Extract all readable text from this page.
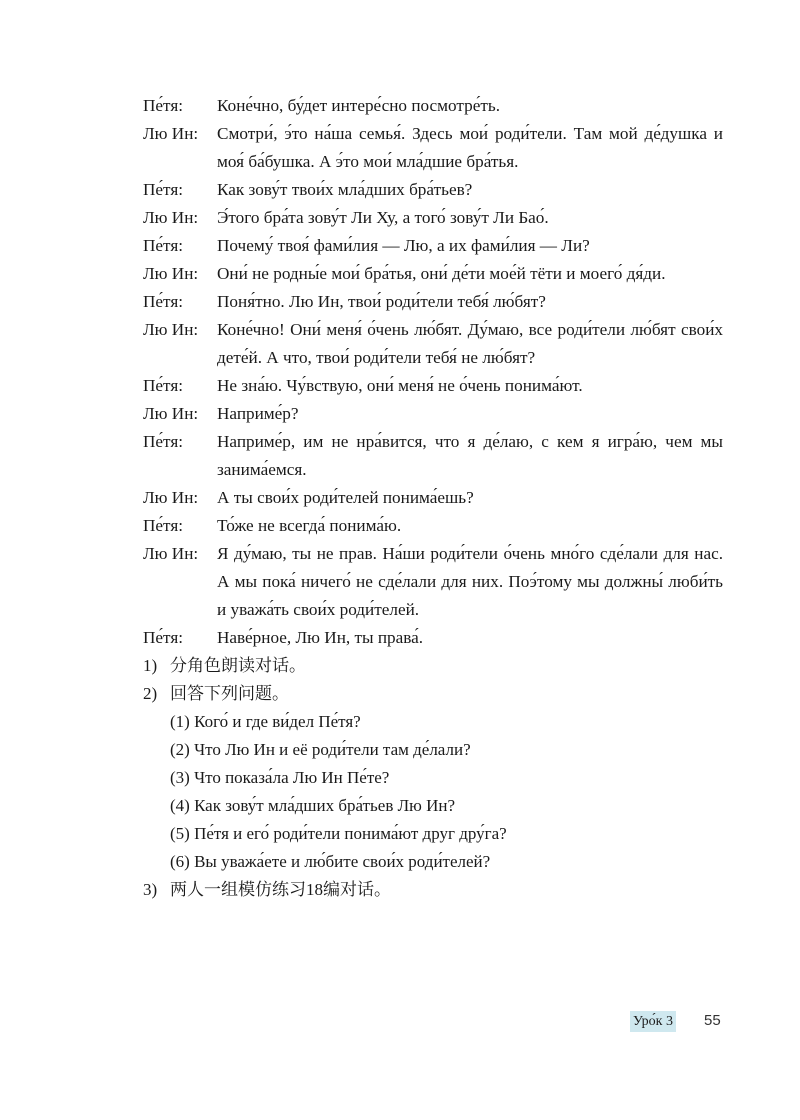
Пе́тя:	Коне́чно, бу́дет интере́сно посмотре́ть.
Лю Ин:	Смотри́, э́то на́ша семья́. Здесь мои́ роди́тели. Там мой де́душка и моя́ ба́бушка. А э́то мои́ мла́дшие бра́тья.
Пе́тя:	Как зову́т твои́х мла́дших бра́тьев?
Лю Ин:	Э́того бра́та зову́т Ли Ху, а того́ зову́т Ли Бао́.
Пе́тя:	Почему́ твоя́ фами́лия — Лю, а их фами́лия — Ли?
Лю Ин:	Они́ не родны́е мои́ бра́тья, они́ де́ти мое́й тёти и моего́ дя́ди.
Пе́тя:	Поня́тно. Лю Ин, твои́ роди́тели тебя́ лю́бят?
Лю Ин:	Коне́чно! Они́ меня́ о́чень лю́бят. Ду́маю, все роди́тели лю́бят свои́х дете́й. А что, твои́ роди́тели тебя́ не лю́бят?
Пе́тя:	Не зна́ю. Чу́вствую, они́ меня́ не о́чень понима́ют.
Лю Ин:	Наприме́р?
Пе́тя:	Наприме́р, им не нра́вится, что я де́лаю, с кем я игра́ю, чем мы занима́емся.
Лю Ин:	А ты свои́х роди́телей понима́ешь?
Пе́тя:	То́же не всегда́ понима́ю.
Лю Ин:	Я ду́маю, ты не прав. На́ши роди́тели о́чень мно́го сде́лали для нас. А мы пока́ ничего́ не сде́лали для них. Поэ́тому мы должны́ люби́ть и уважа́ть свои́х роди́телей.
Пе́тя:	Наве́рное, Лю Ин, ты права́.
1) 分角色朗读对话。
2) 回答下列问题。
(1) Кого́ и где ви́дел Пе́тя?
(2) Что Лю Ин и её роди́тели там де́лали?
(3) Что показа́ла Лю Ин Пе́те?
(4) Как зову́т мла́дших бра́тьев Лю Ин?
(5) Пе́тя и его́ роди́тели понима́ют друг дру́га?
(6) Вы уважа́ете и лю́бите свои́х роди́телей?
3) 两人一组模仿练习18编对话。
Уро́к 3 55
